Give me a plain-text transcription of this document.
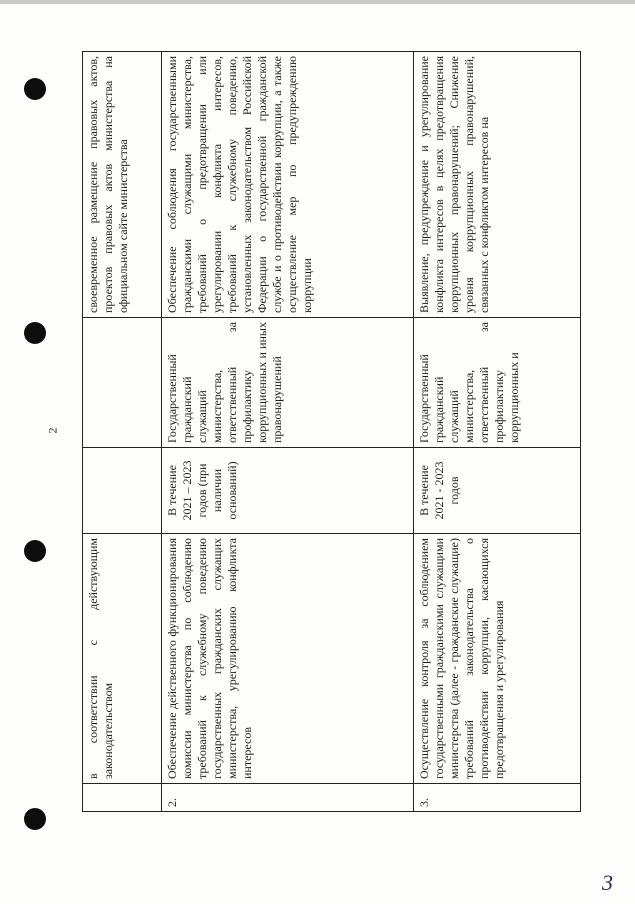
2
	в соответствии с действующим законодательством			своевременное размещение правовых актов, проектов правовых актов министерства на официальном сайте министерства
2.	Обеспечение действенного функционирования комиссии министерства по соблюдению требований к служебному поведению государственных гражданских служащих министерства, урегулированию конфликта интересов	В течение 2021 – 2023 годов (при наличии оснований)	Государственный гражданский служащий министерства, ответственный за профилактику коррупционных и иных правонарушений	Обеспечение соблюдения государственными гражданскими служащими министерства, требований о предотвращении или урегулировании конфликта интересов, требований к служебному поведению, установленных законодательством Российской Федерации о государственной гражданской службе и о противодействии коррупции, а также осуществление мер по предупреждению коррупции
3.	Осуществление контроля за соблюдением государственными гражданскими служащими министерства (далее - гражданские служащие) требований законодательства о противодействии коррупции, касающихся предотвращения и урегулирования	В течение 2021 - 2023 годов	Государственный гражданский служащий министерства, ответственный за профилактику коррупционных и	Выявление, предупреждение и урегулирование конфликта интересов в целях предотвращения коррупционных правонарушений; Снижение уровня коррупционных правонарушений, связанных с конфликтом интересов на
3
